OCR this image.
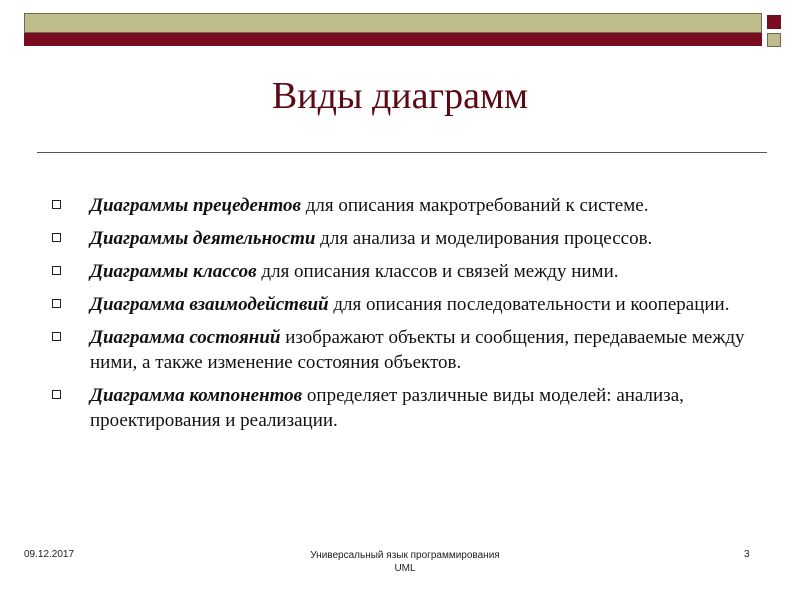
Виды диаграмм
Диаграммы прецедентов для описания макротребований к системе.
Диаграммы деятельности для анализа и моделирования процессов.
Диаграммы классов для описания классов и связей между ними.
Диаграмма взаимодействий для описания последовательности и кооперации.
Диаграмма состояний изображают объекты и сообщения, передаваемые между ними, а также изменение состояния объектов.
Диаграмма компонентов определяет различные виды моделей: анализа, проектирования и реализации.
09.12.2017	Универсальный язык программирования
UML
3
